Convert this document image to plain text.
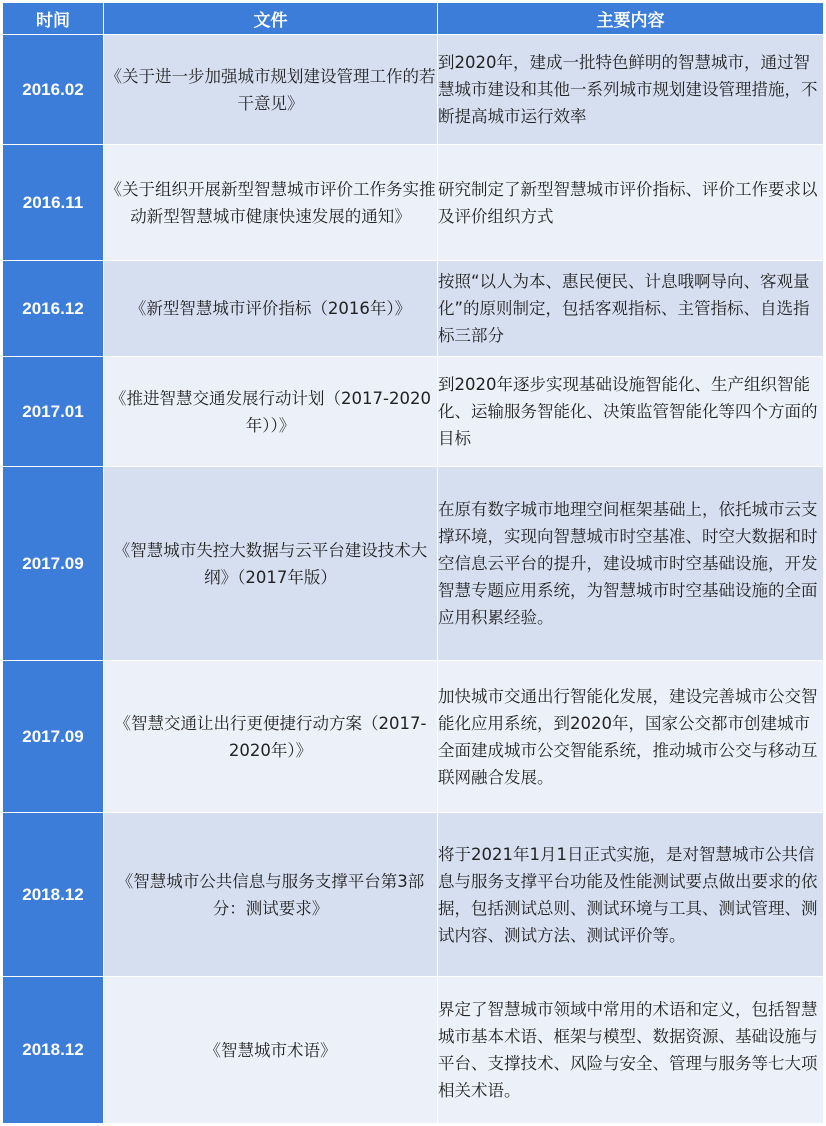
时间	文件	主要内容
2016.02	《关于进一步加强城市规划建设管理工作的若干意见》	到2020年，建成一批特色鲜明的智慧城市，通过智慧城市建设和其他一系列城市规划建设管理措施，不断提高城市运行效率
2016.11	《关于组织开展新型智慧城市评价工作务实推动新型智慧城市健康快速发展的通知》	研究制定了新型智慧城市评价指标、评价工作要求以及评价组织方式
2016.12	《新型智慧城市评价指标（2016年）》	按照“以人为本、惠民便民、计息哦啊导向、客观量化”的原则制定，包括客观指标、主管指标、自选指标三部分
2017.01	《推进智慧交通发展行动计划（2017-2020年））》	到2020年逐步实现基础设施智能化、生产组织智能化、运输服务智能化、决策监管智能化等四个方面的目标
2017.09	《智慧城市失控大数据与云平台建设技术大纲》（2017年版）	在原有数字城市地理空间框架基础上，依托城市云支撑环境，实现向智慧城市时空基准、时空大数据和时空信息云平台的提升，建设城市时空基础设施，开发智慧专题应用系统，为智慧城市时空基础设施的全面应用积累经验。
2017.09	《智慧交通让出行更便捷行动方案（2017-2020年）》	加快城市交通出行智能化发展，建设完善城市公交智能化应用系统，到2020年，国家公交都市创建城市全面建成城市公交智能系统，推动城市公交与移动互联网融合发展。
2018.12	《智慧城市公共信息与服务支撑平台第3部分：测试要求》	将于2021年1月1日正式实施，是对智慧城市公共信息与服务支撑平台功能及性能测试要点做出要求的依据，包括测试总则、测试环境与工具、测试管理、测试内容、测试方法、测试评价等。
2018.12	《智慧城市术语》	界定了智慧城市领域中常用的术语和定义，包括智慧城市基本术语、框架与模型、数据资源、基础设施与平台、支撑技术、风险与安全、管理与服务等七大项相关术语。
